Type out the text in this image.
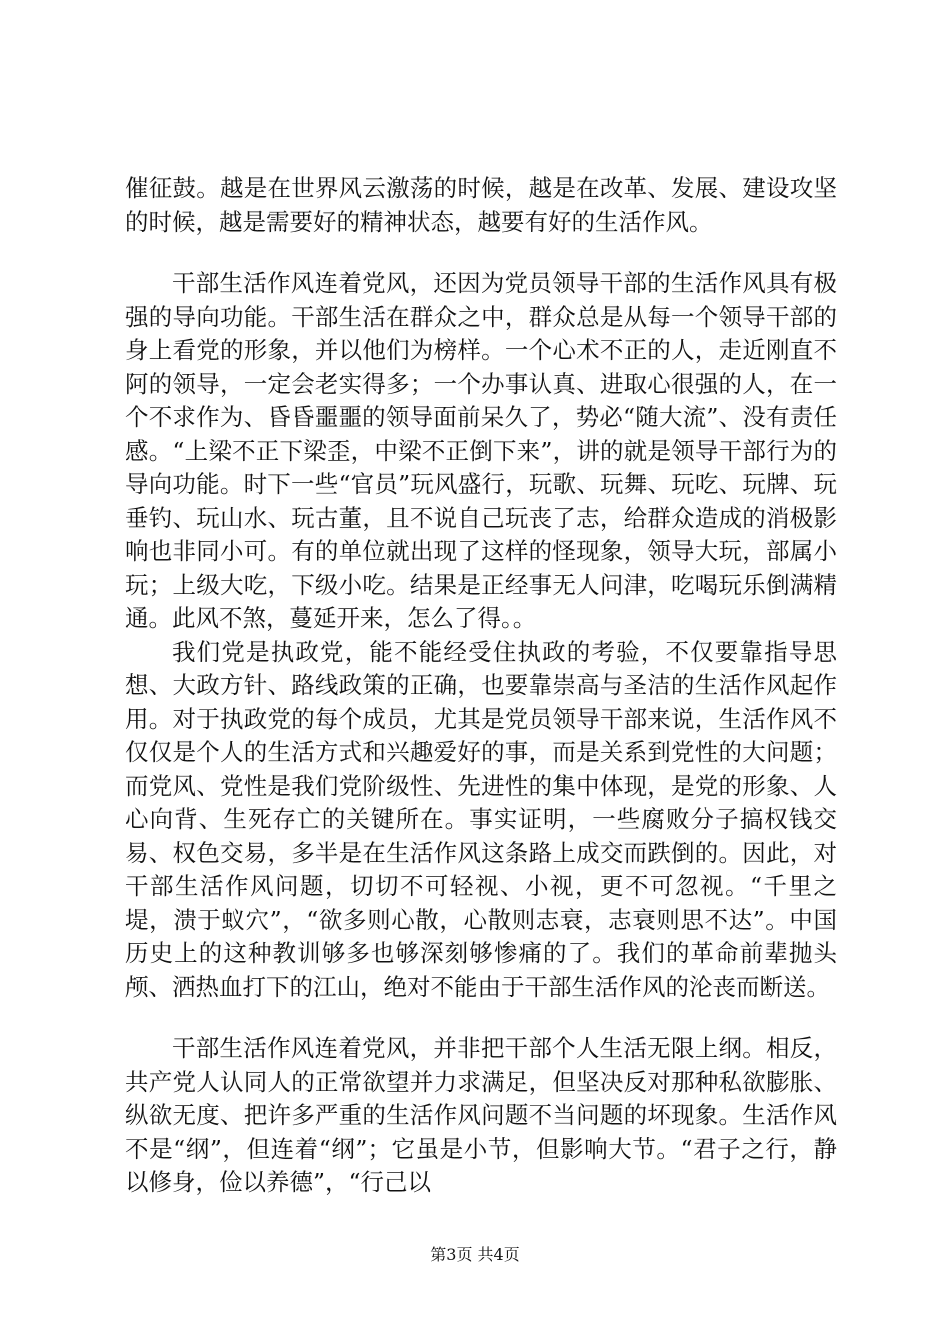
催征鼓。越是在世界风云激荡的时候，越是在改革、发展、建设攻坚的时候，越是需要好的精神状态，越要有好的生活作风。

干部生活作风连着党风，还因为党员领导干部的生活作风具有极强的导向功能。干部生活在群众之中，群众总是从每一个领导干部的身上看党的形象，并以他们为榜样。一个心术不正的人，走近刚直不阿的领导，一定会老实得多；一个办事认真、进取心很强的人，在一个不求作为、昏昏噩噩的领导面前呆久了，势必“随大流”、没有责任感。“上梁不正下梁歪，中梁不正倒下来”，讲的就是领导干部行为的导向功能。时下一些“官员”玩风盛行，玩歌、玩舞、玩吃、玩牌、玩垂钓、玩山水、玩古董，且不说自己玩丧了志，给群众造成的消极影响也非同小可。有的单位就出现了这样的怪现象，领导大玩，部属小玩；上级大吃，下级小吃。结果是正经事无人问津，吃喝玩乐倒满精通。此风不煞，蔓延开来，怎么了得。。

我们党是执政党，能不能经受住执政的考验，不仅要靠指导思想、大政方针、路线政策的正确，也要靠崇高与圣洁的生活作风起作用。对于执政党的每个成员，尤其是党员领导干部来说，生活作风不仅仅是个人的生活方式和兴趣爱好的事，而是关系到党性的大问题；而党风、党性是我们党阶级性、先进性的集中体现，是党的形象、人心向背、生死存亡的关键所在。事实证明，一些腐败分子搞权钱交易、权色交易，多半是在生活作风这条路上成交而跌倒的。因此，对干部生活作风问题，切切不可轻视、小视，更不可忽视。“千里之堤，溃于蚁穴”，“欲多则心散，心散则志衰，志衰则思不达”。中国历史上的这种教训够多也够深刻够惨痛的了。我们的革命前辈抛头颅、洒热血打下的江山，绝对不能由于干部生活作风的沦丧而断送。

干部生活作风连着党风，并非把干部个人生活无限上纲。相反，共产党人认同人的正常欲望并力求满足，但坚决反对那种私欲膨胀、纵欲无度、把许多严重的生活作风问题不当问题的坏现象。生活作风不是“纲”，但连着“纲”；它虽是小节，但影响大节。“君子之行，静以修身，俭以养德”，“行己以

第3页 共4页
